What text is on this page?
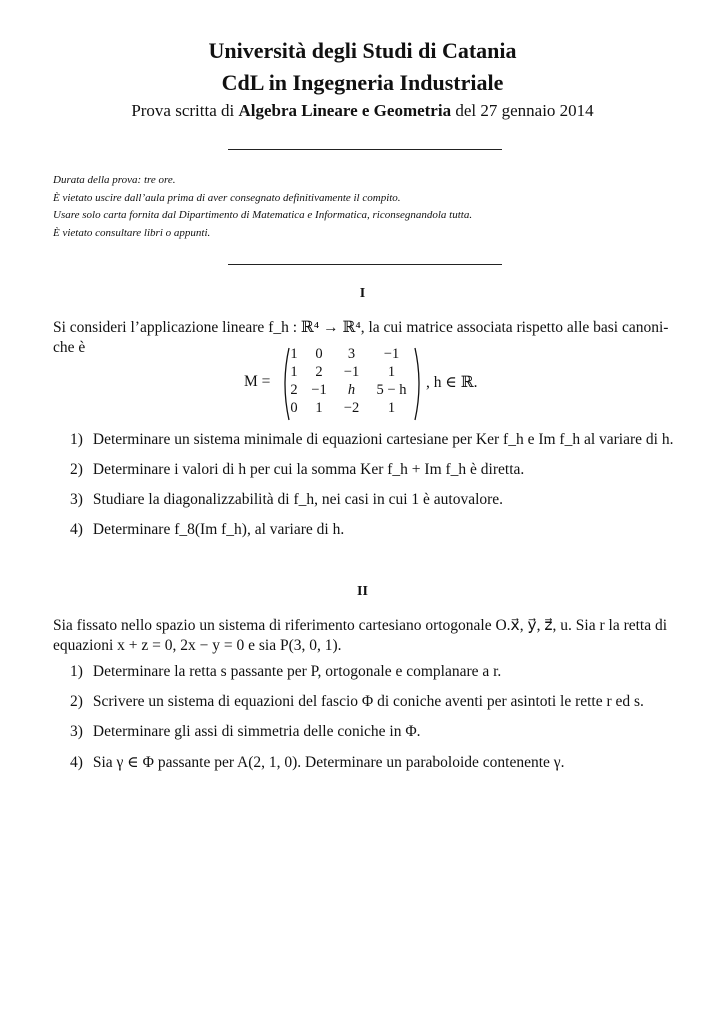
Università degli Studi di Catania
CdL in Ingegneria Industriale
Prova scritta di Algebra Lineare e Geometria del 27 gennaio 2014
Durata della prova: tre ore.
È vietato uscire dall’aula prima di aver consegnato definitivamente il compito.
Usare solo carta fornita dal Dipartimento di Matematica e Informatica, riconsegnandola tutta.
È vietato consultare libri o appunti.
I
Si consideri l’applicazione lineare f_h : ℝ⁴ → ℝ⁴, la cui matrice associata rispetto alle basi canoni-
che è
M =
1 0 3 −1
1 2 −1 1
2 −1 h 5 − h
0 1 −2 1
, h ∈ ℝ.
1) Determinare un sistema minimale di equazioni cartesiane per Ker f_h e Im f_h al variare di h.
2) Determinare i valori di h per cui la somma Ker f_h + Im f_h è diretta.
3) Studiare la diagonalizzabilità di f_h, nei casi in cui 1 è autovalore.
4) Determinare f_8(Im f_h), al variare di h.
II
Sia fissato nello spazio un sistema di riferimento cartesiano ortogonale O.x⃗, y⃗, z⃗, u. Sia r la retta di
equazioni x + z = 0, 2x − y = 0 e sia P(3, 0, 1).
1) Determinare la retta s passante per P, ortogonale e complanare a r.
2) Scrivere un sistema di equazioni del fascio Φ di coniche aventi per asintoti le rette r ed s.
3) Determinare gli assi di simmetria delle coniche in Φ.
4) Sia γ ∈ Φ passante per A(2, 1, 0). Determinare un paraboloide contenente γ.
